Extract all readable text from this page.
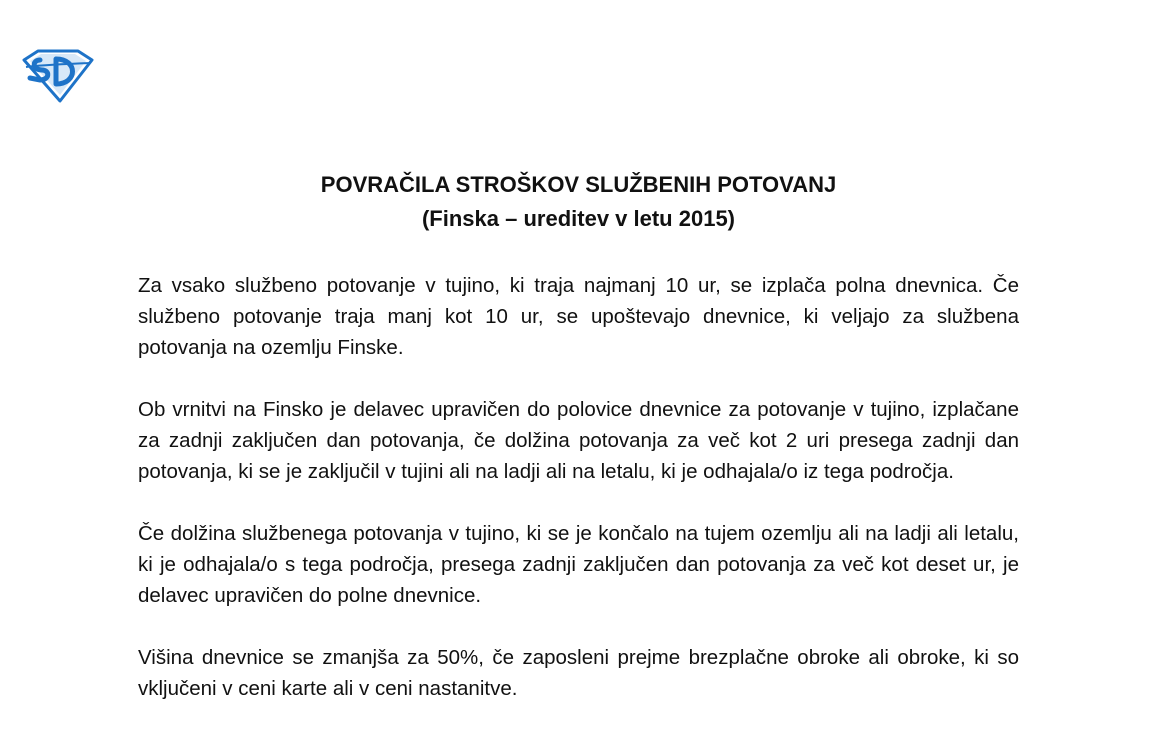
POVRAČILA STROŠKOV SLUŽBENIH POTOVANJ

(Finska – ureditev v letu 2015)

Za vsako službeno potovanje v tujino, ki traja najmanj 10 ur, se izplača polna dnevnica. Če službeno potovanje traja manj kot 10 ur, se upoštevajo dnevnice, ki veljajo za službena potovanja na ozemlju Finske.

Ob vrnitvi na Finsko je delavec upravičen do polovice dnevnice za potovanje v tujino, izplačane za zadnji zaključen dan potovanja, če dolžina potovanja za več kot 2 uri presega zadnji dan potovanja, ki se je zaključil v tujini ali na ladji ali na letalu, ki je odhajala/o iz tega področja.

Če dolžina službenega potovanja v tujino, ki se je končalo na tujem ozemlju ali na ladji ali letalu, ki je odhajala/o s tega področja, presega zadnji zaključen dan potovanja za več kot deset ur, je delavec upravičen do polne dnevnice.

Višina dnevnice se zmanjša za 50%, če zaposleni prejme brezplačne obroke ali obroke, ki so vključeni v ceni karte ali v ceni nastanitve.
